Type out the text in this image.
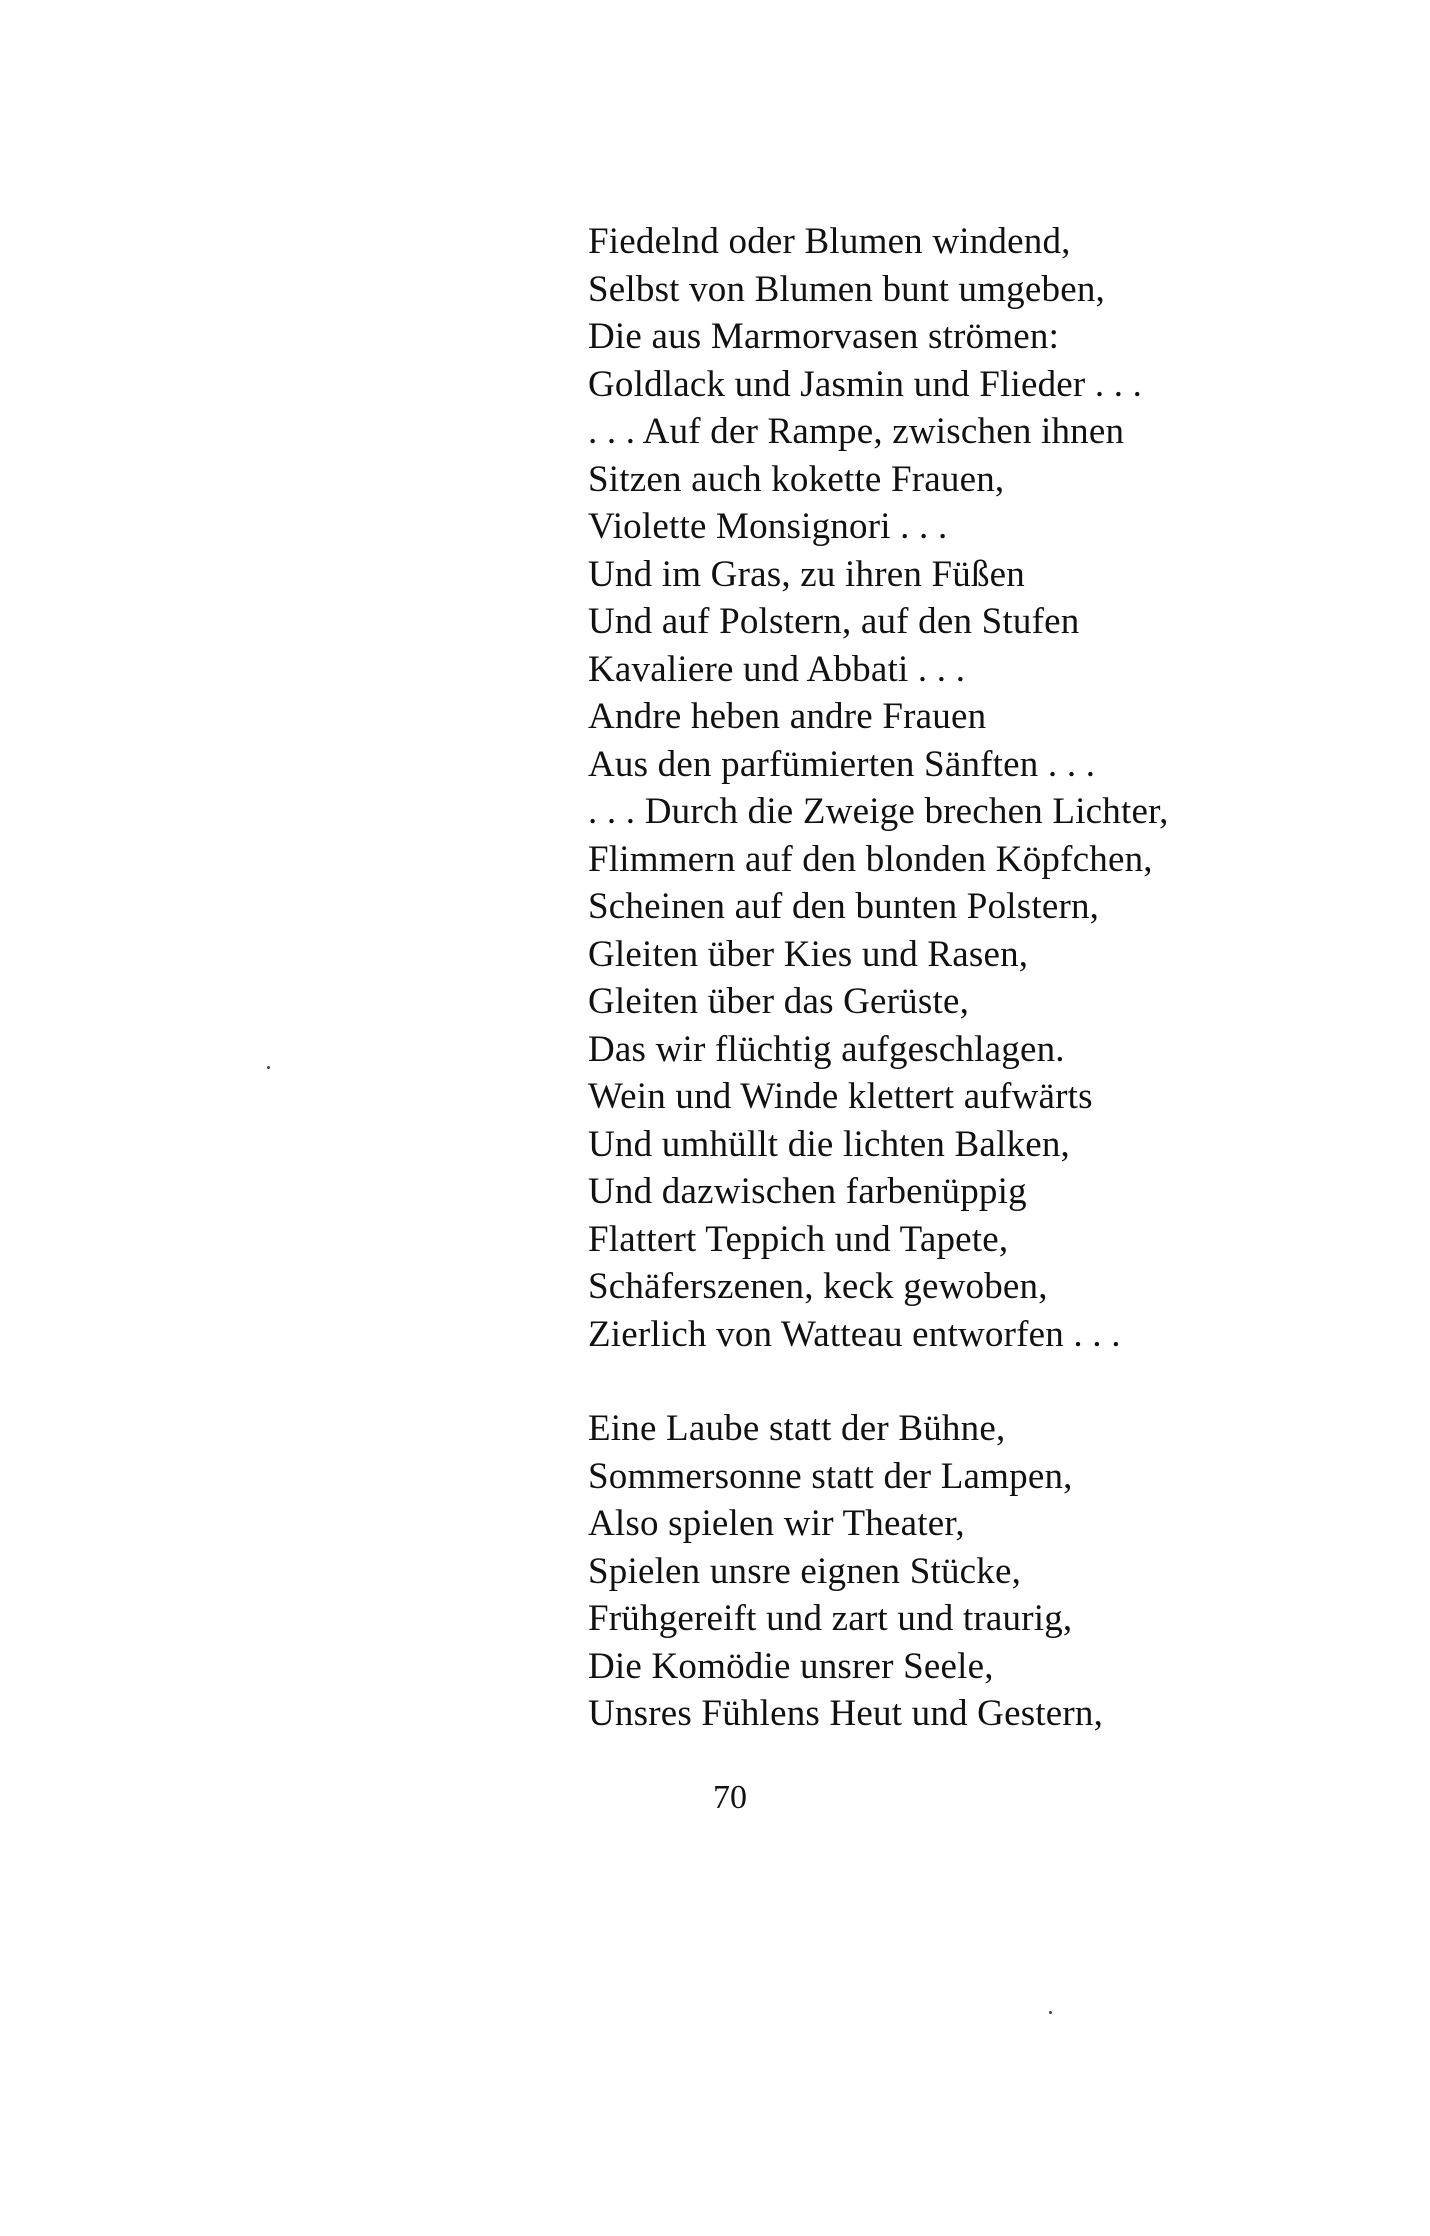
Fiedelnd oder Blumen windend,
Selbst von Blumen bunt umgeben,
Die aus Marmorvasen strömen:
Goldlack und Jasmin und Flieder . . .
. . . Auf der Rampe, zwischen ihnen
Sitzen auch kokette Frauen,
Violette Monsignori . . .
Und im Gras, zu ihren Füßen
Und auf Polstern, auf den Stufen
Kavaliere und Abbati . . .
Andre heben andre Frauen
Aus den parfümierten Sänften . . .
. . . Durch die Zweige brechen Lichter,
Flimmern auf den blonden Köpfchen,
Scheinen auf den bunten Polstern,
Gleiten über Kies und Rasen,
Gleiten über das Gerüste,
Das wir flüchtig aufgeschlagen.
Wein und Winde klettert aufwärts
Und umhüllt die lichten Balken,
Und dazwischen farbenüppig
Flattert Teppich und Tapete,
Schäferszenen, keck gewoben,
Zierlich von Watteau entworfen . . .
Eine Laube statt der Bühne,
Sommersonne statt der Lampen,
Also spielen wir Theater,
Spielen unsre eignen Stücke,
Frühgereift und zart und traurig,
Die Komödie unsrer Seele,
Unsres Fühlens Heut und Gestern,
70
